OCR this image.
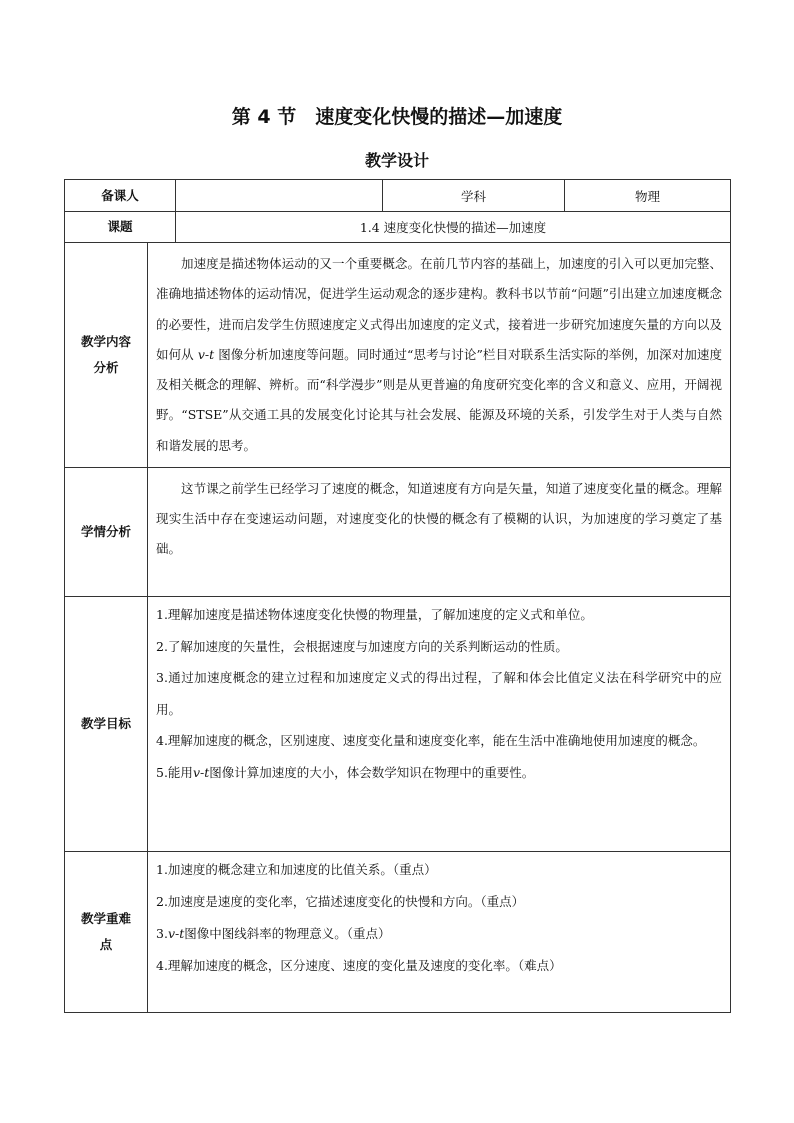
第 4 节　速度变化快慢的描述—加速度
教学设计
备课人			学科	物理
课题		1.4 速度变化快慢的描述—加速度		
教学内容分析	加速度是描述物体运动的又一个重要概念。在前几节内容的基础上，加速度的引入可以更加完整、准确地描述物体的运动情况，促进学生运动观念的逐步建构。教科书以节前“问题”引出建立加速度概念的必要性，进而启发学生仿照速度定义式得出加速度的定义式，接着进一步研究加速度矢量的方向以及如何从 v-t 图像分析加速度等问题。同时通过“思考与讨论”栏目对联系生活实际的举例，加深对加速度及相关概念的理解、辨析。而“科学漫步”则是从更普遍的角度研究变化率的含义和意义、应用，开阔视野。“STSE”从交通工具的发展变化讨论其与社会发展、能源及环境的关系，引发学生对于人类与自然和谐发展的思考。			

学情分析	这节课之前学生已经学习了速度的概念，知道速度有方向是矢量，知道了速度变化量的概念。理解现实生活中存在变速运动问题，对速度变化的快慢的概念有了模糊的认识，为加速度的学习奠定了基础。			

教学目标	1.理解加速度是描述物体速度变化快慢的物理量，了解加速度的定义式和单位。

2.了解加速度的矢量性，会根据速度与加速度方向的关系判断运动的性质。

3.通过加速度概念的建立过程和加速度定义式的得出过程，了解和体会比值定义法在科学研究中的应用。

4.理解加速度的概念，区别速度、速度变化量和速度变化率，能在生活中准确地使用加速度的概念。

5.能用v-t图像计算加速度的大小，体会数学知识在物理中的重要性。			

教学重难点	1.加速度的概念建立和加速度的比值关系。（重点）

2.加速度是速度的变化率，它描述速度变化的快慢和方向。（重点）

3.v-t图像中图线斜率的物理意义。（重点）

4.理解加速度的概念，区分速度、速度的变化量及速度的变化率。（难点）			
